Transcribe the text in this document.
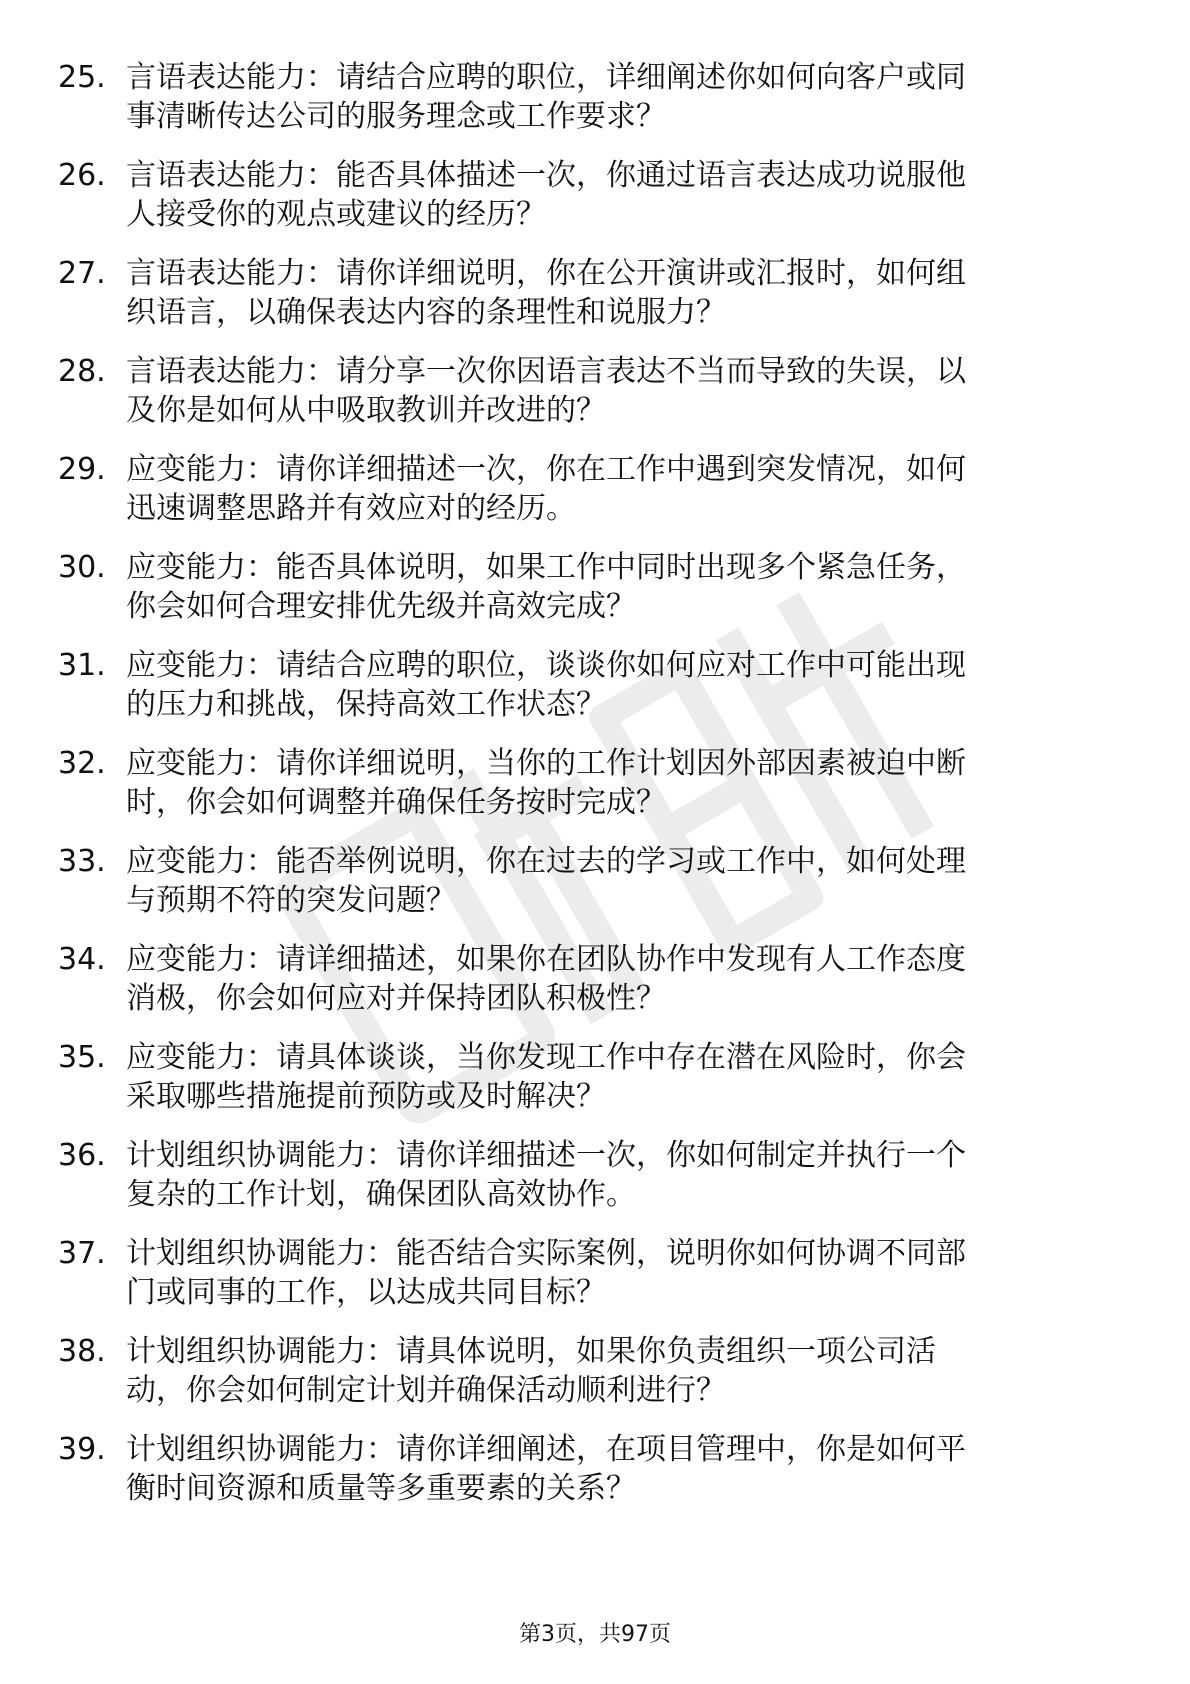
25. 言语表达能力：请结合应聘的职位，详细阐述你如何向客户或同
事清晰传达公司的服务理念或工作要求？
26. 言语表达能力：能否具体描述一次，你通过语言表达成功说服他
人接受你的观点或建议的经历？
27. 言语表达能力：请你详细说明，你在公开演讲或汇报时，如何组
织语言，以确保表达内容的条理性和说服力？
28. 言语表达能力：请分享一次你因语言表达不当而导致的失误，以
及你是如何从中吸取教训并改进的？
29. 应变能力：请你详细描述一次，你在工作中遇到突发情况，如何
迅速调整思路并有效应对的经历。
30. 应变能力：能否具体说明，如果工作中同时出现多个紧急任务，
你会如何合理安排优先级并高效完成？
31. 应变能力：请结合应聘的职位，谈谈你如何应对工作中可能出现
的压力和挑战，保持高效工作状态？
32. 应变能力：请你详细说明，当你的工作计划因外部因素被迫中断
时，你会如何调整并确保任务按时完成？
33. 应变能力：能否举例说明，你在过去的学习或工作中，如何处理
与预期不符的突发问题？
34. 应变能力：请详细描述，如果你在团队协作中发现有人工作态度
消极，你会如何应对并保持团队积极性？
35. 应变能力：请具体谈谈，当你发现工作中存在潜在风险时，你会
采取哪些措施提前预防或及时解决？
36. 计划组织协调能力：请你详细描述一次，你如何制定并执行一个
复杂的工作计划，确保团队高效协作。
37. 计划组织协调能力：能否结合实际案例，说明你如何协调不同部
门或同事的工作，以达成共同目标？
38. 计划组织协调能力：请具体说明，如果你负责组织一项公司活
动，你会如何制定计划并确保活动顺利进行？
39. 计划组织协调能力：请你详细阐述，在项目管理中，你是如何平
衡时间资源和质量等多重要素的关系？
第3页，共97页
